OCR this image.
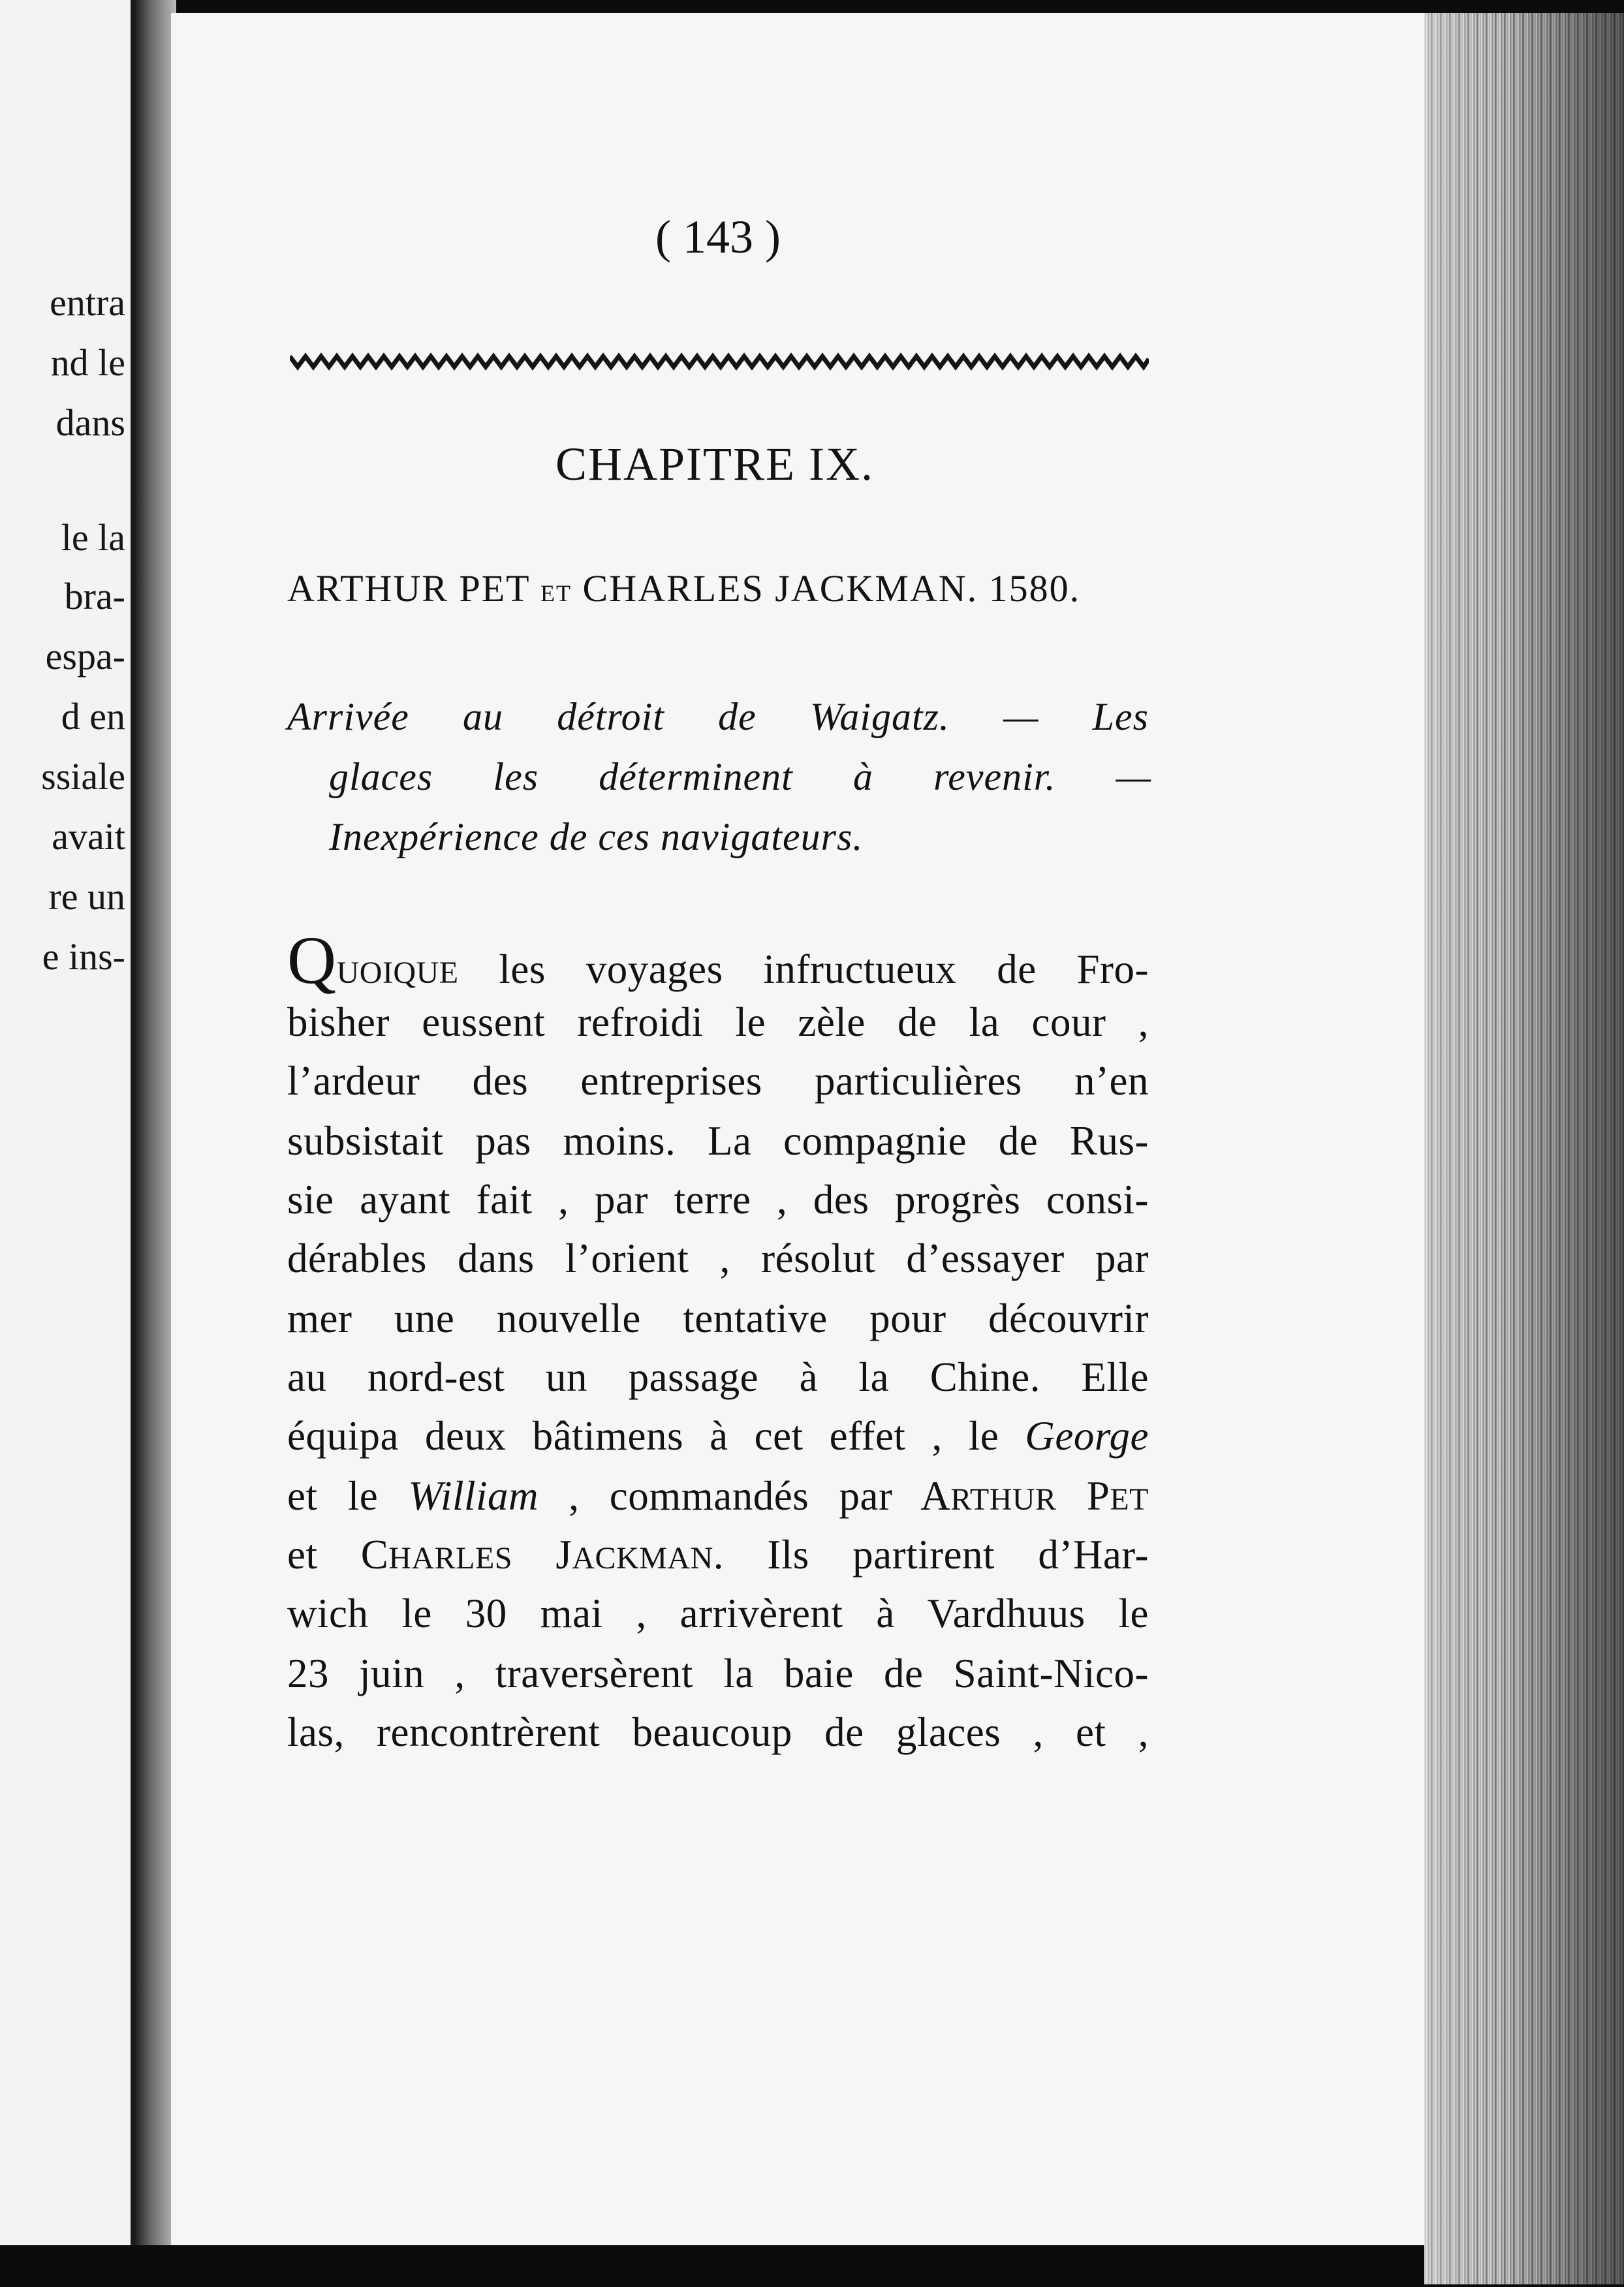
entra
nd le
dans
le la
bra-
espa-
d en
ssiale
avait
re un
e ins-
( 143 )
CHAPITRE IX.
ARTHUR PET ET CHARLES JACKMAN. 1580.
Arrivée au détroit de Waigatz. — Les
glaces les déterminent à revenir. —
Inexpérience de ces navigateurs.
QUOIQUE les voyages infructueux de Fro-
bisher eussent refroidi le zèle de la cour ,
l’ardeur des entreprises particulières n’en
subsistait pas moins. La compagnie de Rus-
sie ayant fait , par terre , des progrès consi-
dérables dans l’orient , résolut d’essayer par
mer une nouvelle tentative pour découvrir
au nord-est un passage à la Chine. Elle
équipa deux bâtimens à cet effet , le George
et le William , commandés par ARTHUR PET
et CHARLES JACKMAN. Ils partirent d’Har-
wich le 30 mai , arrivèrent à Vardhuus le
23 juin , traversèrent la baie de Saint-Nico-
las, rencontrèrent beaucoup de glaces , et ,
